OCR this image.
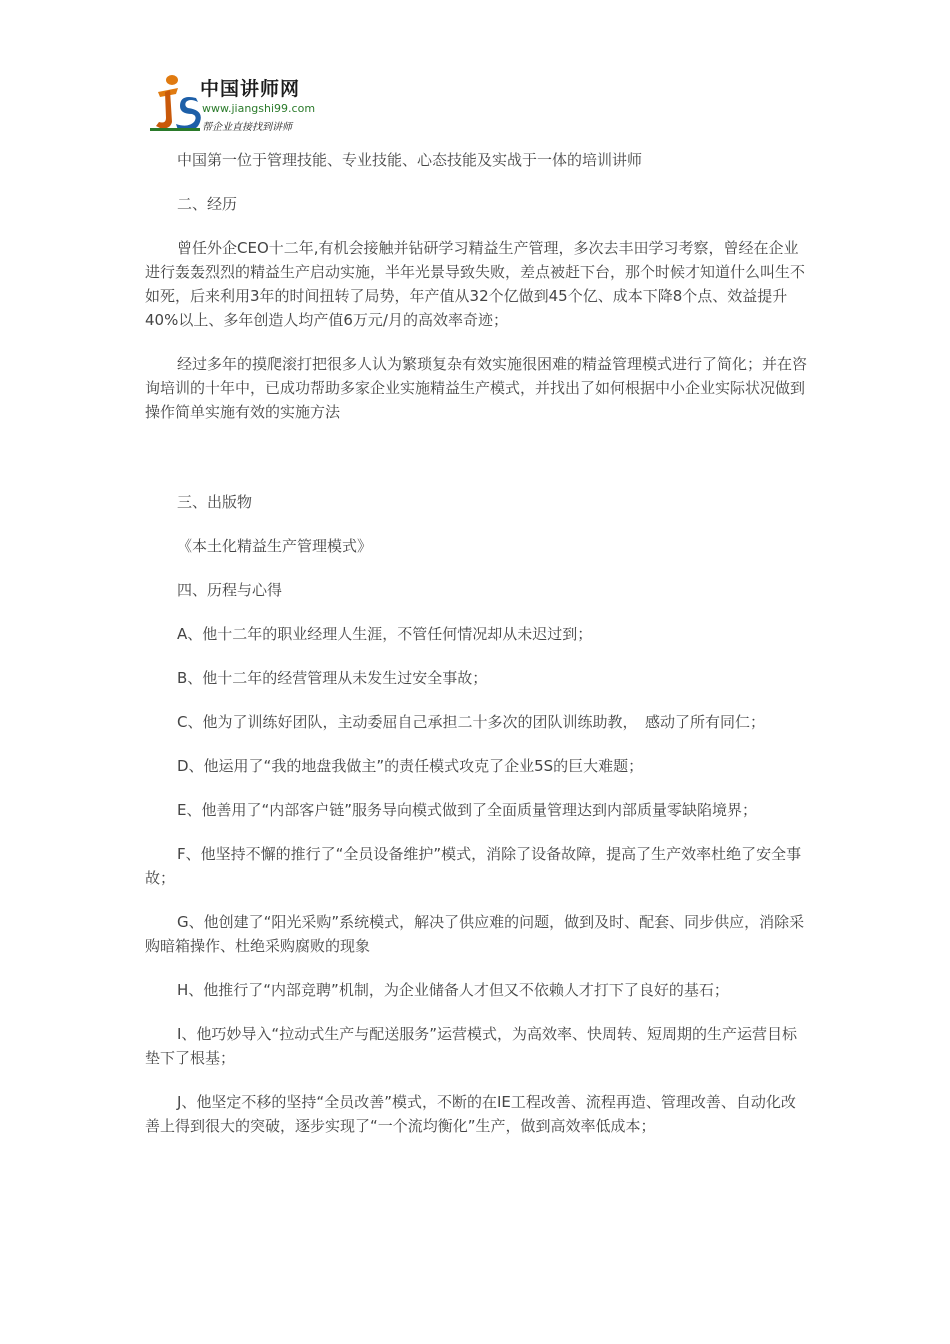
中国讲师网
www.jiangshi99.com
帮企业直接找到讲师

中国第一位于管理技能、专业技能、心态技能及实战于一体的培训讲师

二、经历

曾任外企CEO十二年,有机会接触并钻研学习精益生产管理，多次去丰田学习考察，曾经在企业进行轰轰烈烈的精益生产启动实施，半年光景导致失败，差点被赶下台，那个时候才知道什么叫生不如死，后来利用3年的时间扭转了局势，年产值从32个亿做到45个亿、成本下降8个点、效益提升40%以上、多年创造人均产值6万元/月的高效率奇迹；

经过多年的摸爬滚打把很多人认为繁琐复杂有效实施很困难的精益管理模式进行了简化；并在咨询培训的十年中，已成功帮助多家企业实施精益生产模式，并找出了如何根据中小企业实际状况做到操作简单实施有效的实施方法

三、出版物

《本土化精益生产管理模式》

四、历程与心得

A、他十二年的职业经理人生涯，不管任何情况却从未迟过到；

B、他十二年的经营管理从未发生过安全事故；

C、他为了训练好团队，主动委屈自己承担二十多次的团队训练助教，　感动了所有同仁；

D、他运用了“我的地盘我做主”的责任模式攻克了企业5S的巨大难题；

E、他善用了“内部客户链”服务导向模式做到了全面质量管理达到内部质量零缺陷境界；

F、他坚持不懈的推行了“全员设备维护”模式，消除了设备故障，提高了生产效率杜绝了安全事故；

G、他创建了“阳光采购”系统模式，解决了供应难的问题，做到及时、配套、同步供应，消除采购暗箱操作、杜绝采购腐败的现象

H、他推行了“内部竞聘”机制，为企业储备人才但又不依赖人才打下了良好的基石；

I、他巧妙导入“拉动式生产与配送服务”运营模式，为高效率、快周转、短周期的生产运营目标垫下了根基；

J、他坚定不移的坚持“全员改善”模式，不断的在IE工程改善、流程再造、管理改善、自动化改善上得到很大的突破，逐步实现了“一个流均衡化”生产，做到高效率低成本；
